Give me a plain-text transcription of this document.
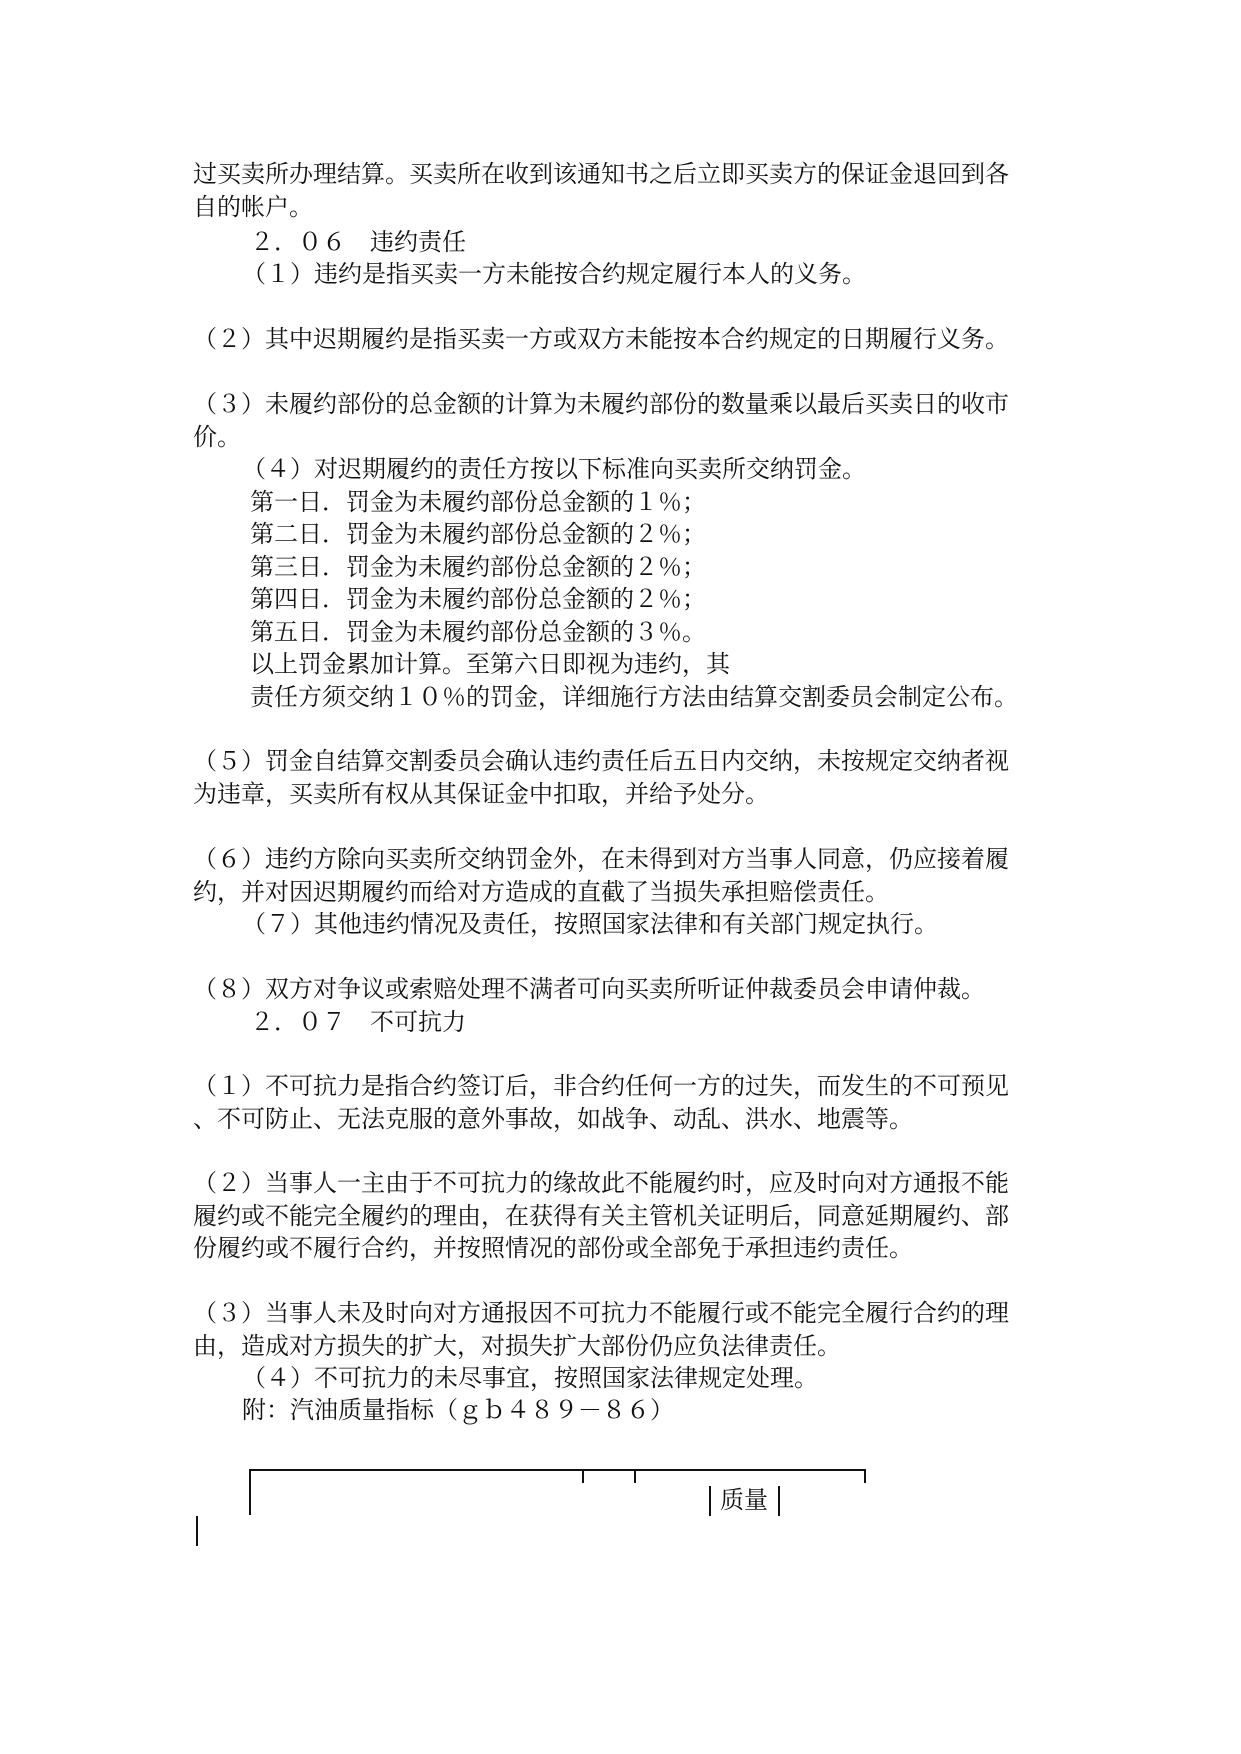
过买卖所办理结算。买卖所在收到该通知书之后立即买卖方的保证金退回到各
自的帐户。
２．０６　违约责任
（１）违约是指买卖一方未能按合约规定履行本人的义务。
（２）其中迟期履约是指买卖一方或双方未能按本合约规定的日期履行义务。
（３）未履约部份的总金额的计算为未履约部份的数量乘以最后买卖日的收市
价。
（４）对迟期履约的责任方按以下标准向买卖所交纳罚金。
第一日．罚金为未履约部份总金额的１％；
第二日．罚金为未履约部份总金额的２％；
第三日．罚金为未履约部份总金额的２％；
第四日．罚金为未履约部份总金额的２％；
第五日．罚金为未履约部份总金额的３％。
以上罚金累加计算。至第六日即视为违约，其
责任方须交纳１０％的罚金，详细施行方法由结算交割委员会制定公布。
（５）罚金自结算交割委员会确认违约责任后五日内交纳，未按规定交纳者视
为违章，买卖所有权从其保证金中扣取，并给予处分。
（６）违约方除向买卖所交纳罚金外，在未得到对方当事人同意，仍应接着履
约，并对因迟期履约而给对方造成的直截了当损失承担赔偿责任。
（７）其他违约情况及责任，按照国家法律和有关部门规定执行。
（８）双方对争议或索赔处理不满者可向买卖所听证仲裁委员会申请仲裁。
２．０７　不可抗力
（１）不可抗力是指合约签订后，非合约任何一方的过失，而发生的不可预见
、不可防止、无法克服的意外事故，如战争、动乱、洪水、地震等。
（２）当事人一主由于不可抗力的缘故此不能履约时，应及时向对方通报不能
履约或不能完全履约的理由，在获得有关主管机关证明后，同意延期履约、部
份履约或不履行合约，并按照情况的部份或全部免于承担违约责任。
（３）当事人未及时向对方通报因不可抗力不能履行或不能完全履行合约的理
由，造成对方损失的扩大，对损失扩大部份仍应负法律责任。
（４）不可抗力的未尽事宜，按照国家法律规定处理。
附：汽油质量指标（ｇｂ４８９－８６）
质量
